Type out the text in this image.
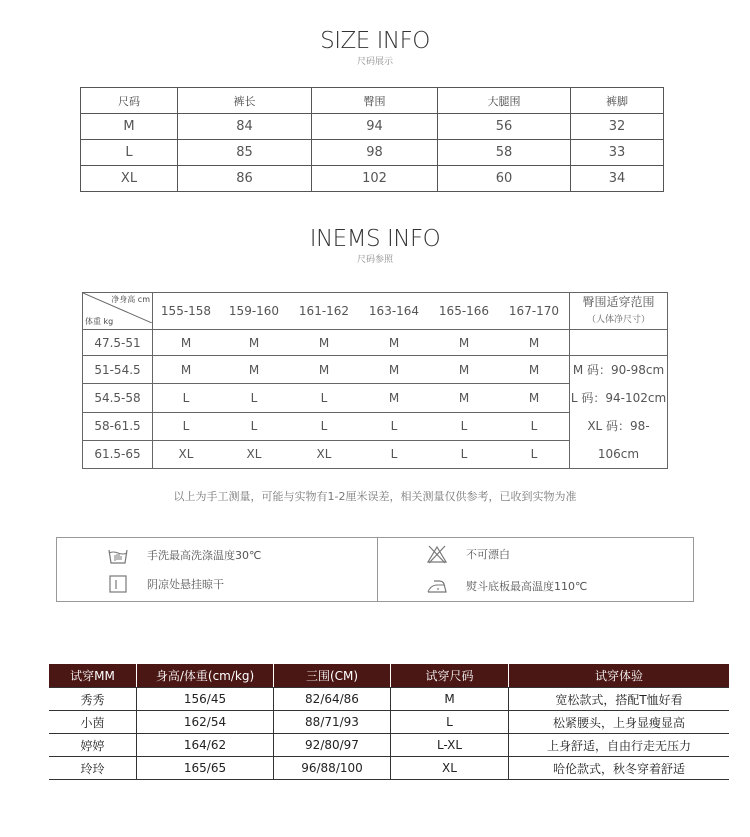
SIZE INFO
尺码展示
尺码	裤长	臀围	大腿围	裤脚
M	84	94	56	32
L	85	98	58	33
XL	86	102	60	34
INEMS INFO
尺码参照
净身高 cm
体重 kg	155-158	159-160	161-162	163-164	165-166	167-170	臀围适穿范围
（人体净尺寸）

47.5-51	M	M	M	M	M	M	
51-54.5	M	M	M	M	M	M	M 码：90-98cm
L 码：94-102cm
XL 码：98-106cm

54.5-58	L	L	L	M	M	M	
58-61.5	L	L	L	L	L	L	
61.5-65	XL	XL	XL	L	L	L	
以上为手工测量，可能与实物有1-2厘米误差，相关测量仅供参考，已收到实物为准
手洗最高洗涤温度30℃
阴凉处悬挂晾干
不可漂白
熨斗底板最高温度110℃
试穿MM	身高/体重(cm/kg)	三围(CM)	试穿尺码	试穿体验
秀秀	156/45	82/64/86	M	宽松款式，搭配T恤好看
小茵	162/54	88/71/93	L	松紧腰头，上身显瘦显高
婷婷	164/62	92/80/97	L-XL	上身舒适，自由行走无压力
玲玲	165/65	96/88/100	XL	哈伦款式，秋冬穿着舒适
